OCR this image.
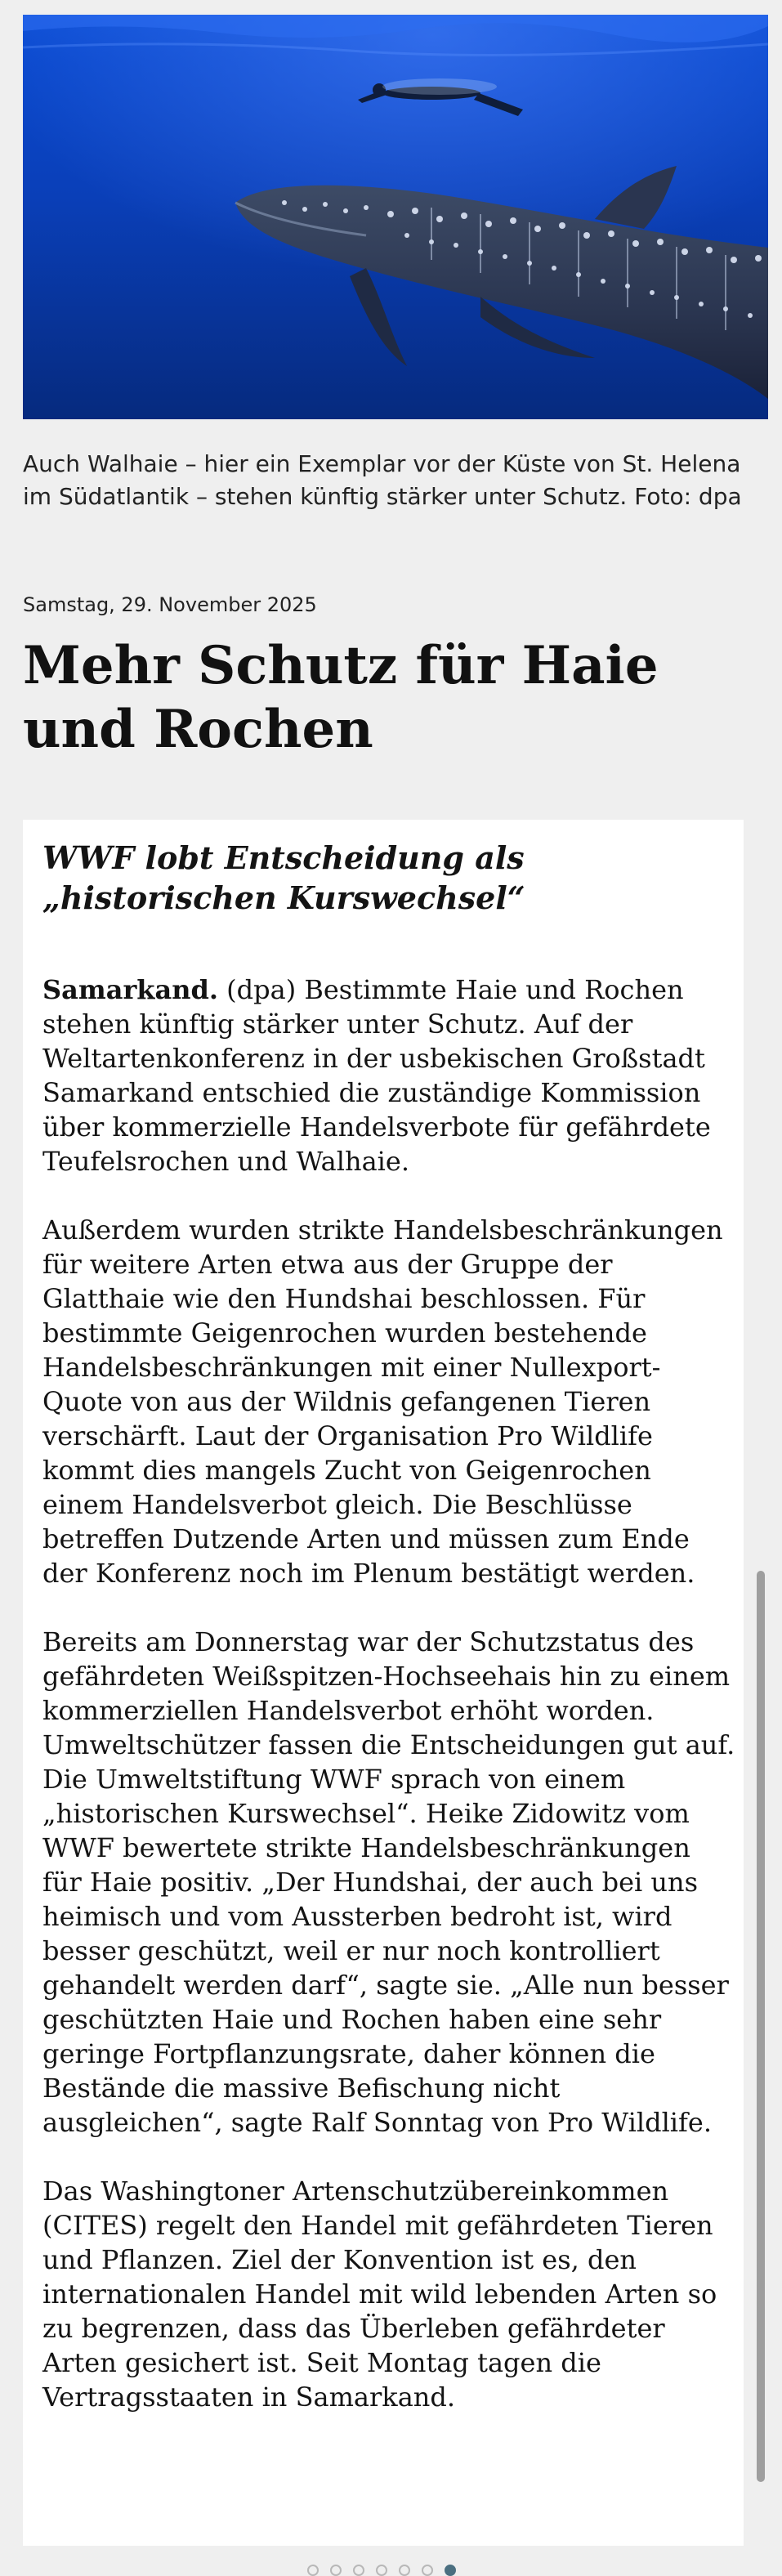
Auch Walhaie – hier ein Exemplar vor der Küste von St. Helena im Südatlantik – stehen künftig stärker unter Schutz. Foto: dpa

Samstag, 29. November 2025
Mehr Schutz für Haie und Rochen
WWF lobt Entscheidung als „historischen Kurswechsel“

Samarkand. (dpa) Bestimmte Haie und Rochen stehen künftig stärker unter Schutz. Auf der Weltartenkonferenz in der usbekischen Großstadt Samarkand entschied die zuständige Kommission über kommerzielle Handelsverbote für gefährdete Teufelsrochen und Walhaie.

Außerdem wurden strikte Handelsbeschränkungen für weitere Arten etwa aus der Gruppe der Glatthaie wie den Hundshai beschlossen. Für bestimmte Geigenrochen wurden bestehende Handelsbeschränkungen mit einer Nullexport-Quote von aus der Wildnis gefangenen Tieren verschärft. Laut der Organisation Pro Wildlife kommt dies mangels Zucht von Geigenrochen einem Handelsverbot gleich. Die Beschlüsse betreffen Dutzende Arten und müssen zum Ende der Konferenz noch im Plenum bestätigt werden.

Bereits am Donnerstag war der Schutzstatus des gefährdeten Weißspitzen-Hochseehais hin zu einem kommerziellen Handelsverbot erhöht worden. Umweltschützer fassen die Entscheidungen gut auf. Die Umweltstiftung WWF sprach von einem „historischen Kurswechsel“. Heike Zidowitz vom WWF bewertete strikte Handelsbeschränkungen für Haie positiv. „Der Hundshai, der auch bei uns heimisch und vom Aussterben bedroht ist, wird besser geschützt, weil er nur noch kontrolliert gehandelt werden darf“, sagte sie. „Alle nun besser geschützten Haie und Rochen haben eine sehr geringe Fortpflanzungsrate, daher können die Bestände die massive Befischung nicht ausgleichen“, sagte Ralf Sonntag von Pro Wildlife.

Das Washingtoner Artenschutzübereinkommen (CITES) regelt den Handel mit gefährdeten Tieren und Pflanzen. Ziel der Konvention ist es, den internationalen Handel mit wild lebenden Arten so zu begrenzen, dass das Überleben gefährdeter Arten gesichert ist. Seit Montag tagen die Vertragsstaaten in Samarkand.
